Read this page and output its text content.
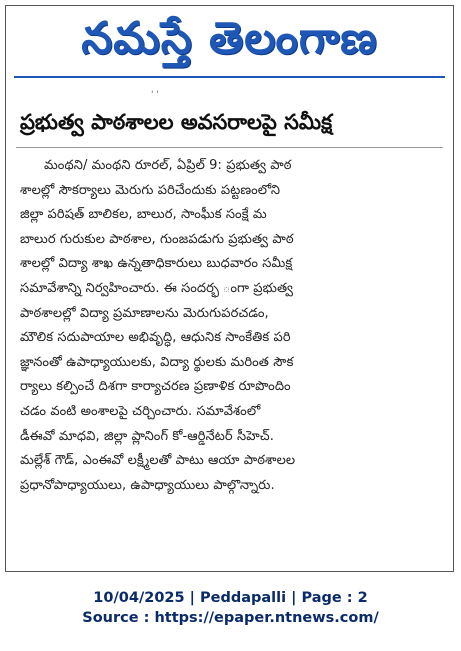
నమస్తే తెలంగాణ
' '
ప్రభుత్వ పాఠశాలల అవసరాలపై సమీక్ష
మంథని/ మంథని రూరల్, ఏప్రిల్ 9: ప్రభుత్వ పాఠ
శాలల్లో సౌకర్యాలు మెరుగు పరిచేందుకు పట్టణంలోని
జిల్లా పరిషత్ బాలికల, బాలుర, సాంఘీక సంక్షే మ
బాలుర గురుకుల పాఠశాల, గుంజపడుగు ప్రభుత్వ పాఠ
శాలల్లో విద్యా శాఖ ఉన్నతాధికారులు బుధవారం సమీక్ష
సమావేశాన్ని నిర్వహించారు. ఈ సందర్భ ంగా ప్రభుత్వ
పాఠశాలల్లో విద్యా ప్రమాణాలను మెరుగుపరచడం,
మౌలిక సదుపాయాల అభివృద్ధి, ఆధునిక సాంకేతిక పరి
జ్ఞానంతో ఉపాధ్యాయులకు, విద్యా ర్థులకు మరింత సౌక
ర్యాలు కల్పించే దిశగా కార్యాచరణ ప్రణాళిక రూపొందిం
చడం వంటి అంశాలపై చర్చించారు. సమావేశంలో
డీఈవో మాధవి, జిల్లా ప్లానింగ్ కో-ఆర్డినేటర్ సీహెచ్.
మల్లేశ్ గౌడ్, ఎంఈవో లక్ష్మీలతో పాటు ఆయా పాఠశాలల
ప్రధానోపాధ్యాయులు, ఉపాధ్యాయులు పాల్గొన్నారు.
10/04/2025 | Peddapalli | Page : 2
Source : https://epaper.ntnews.com/
